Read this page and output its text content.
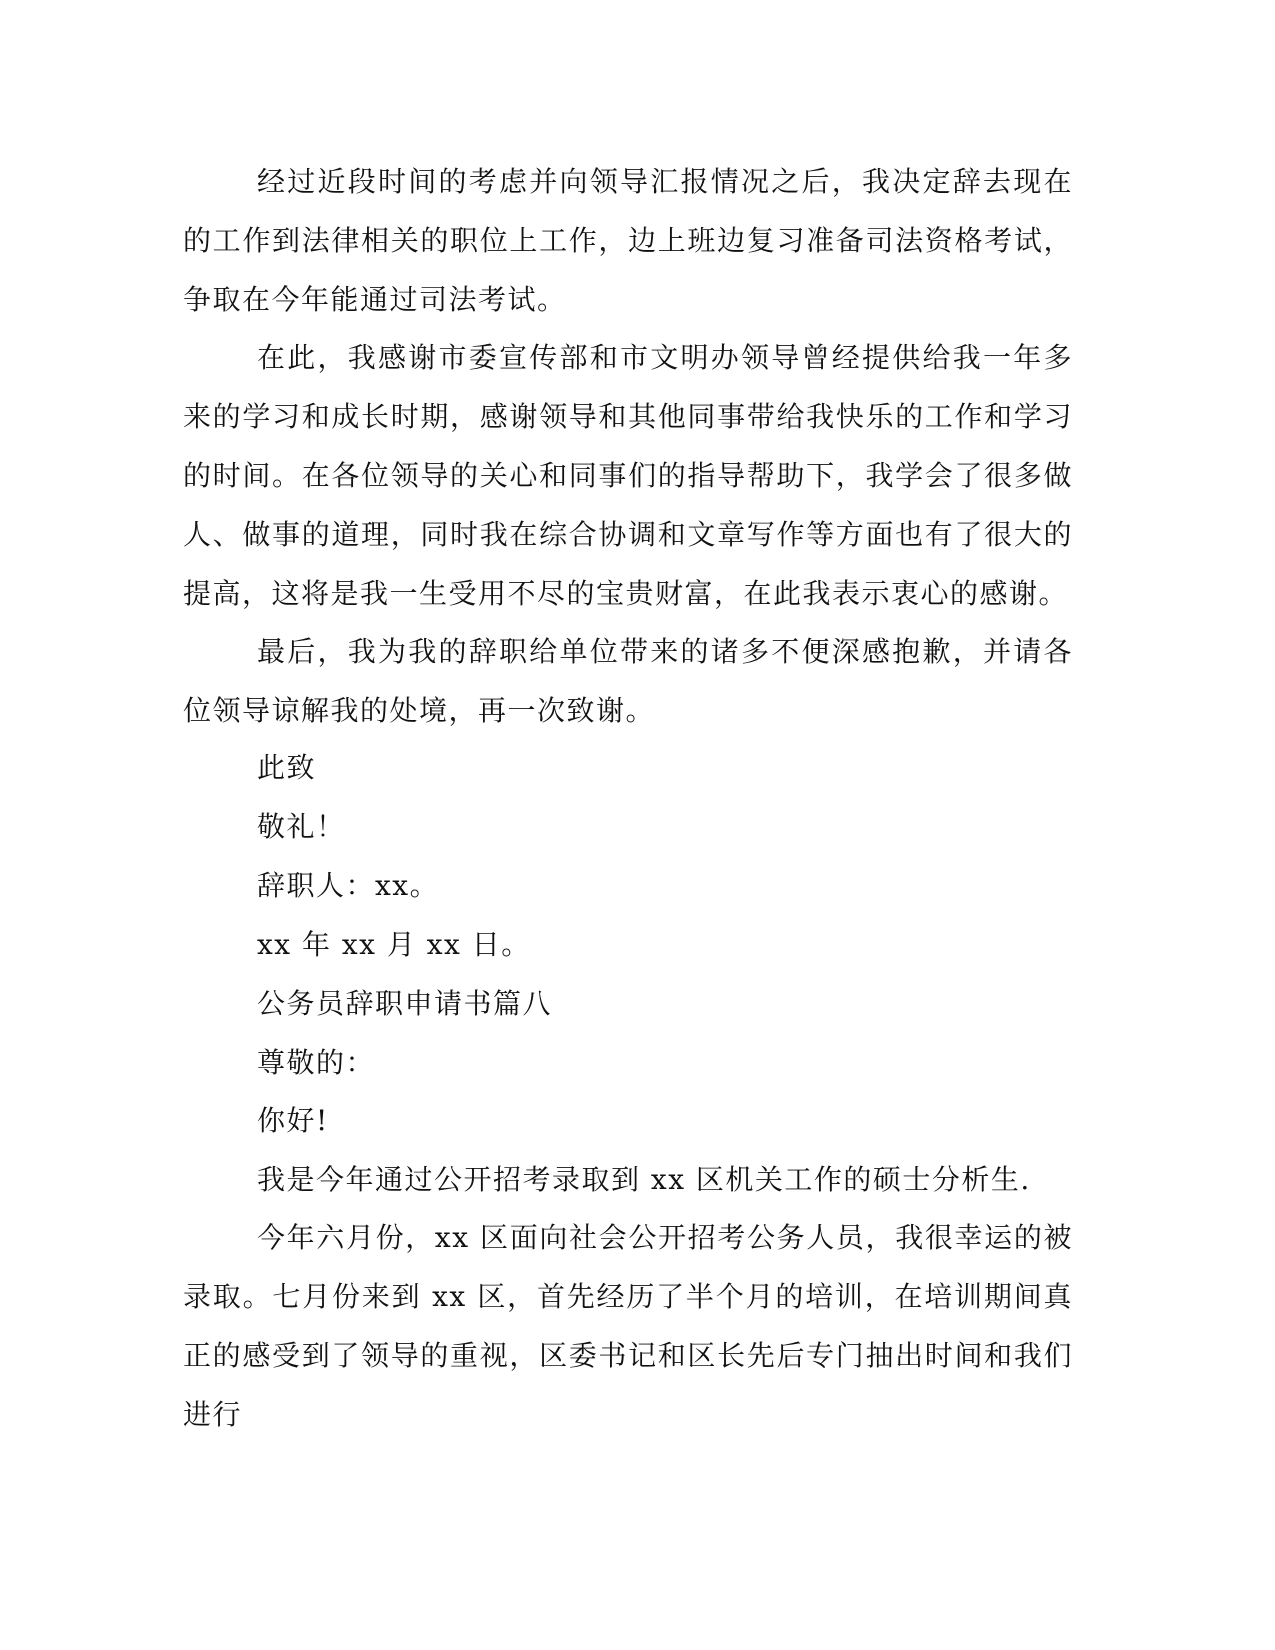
经过近段时间的考虑并向领导汇报情况之后，我决定辞去现在的工作到法律相关的职位上工作，边上班边复习准备司法资格考试，争取在今年能通过司法考试。

在此，我感谢市委宣传部和市文明办领导曾经提供给我一年多来的学习和成长时期，感谢领导和其他同事带给我快乐的工作和学习的时间。在各位领导的关心和同事们的指导帮助下，我学会了很多做人、做事的道理，同时我在综合协调和文章写作等方面也有了很大的提高，这将是我一生受用不尽的宝贵财富，在此我表示衷心的感谢。

最后，我为我的辞职给单位带来的诸多不便深感抱歉，并请各位领导谅解我的处境，再一次致谢。

此致

敬礼！

辞职人：xx。

xx 年 xx 月 xx 日。

公务员辞职申请书篇八

尊敬的：

你好!

我是今年通过公开招考录取到 xx 区机关工作的硕士分析生.

今年六月份，xx 区面向社会公开招考公务人员，我很幸运的被录取。七月份来到 xx 区，首先经历了半个月的培训，在培训期间真正的感受到了领导的重视，区委书记和区长先后专门抽出时间和我们进行
